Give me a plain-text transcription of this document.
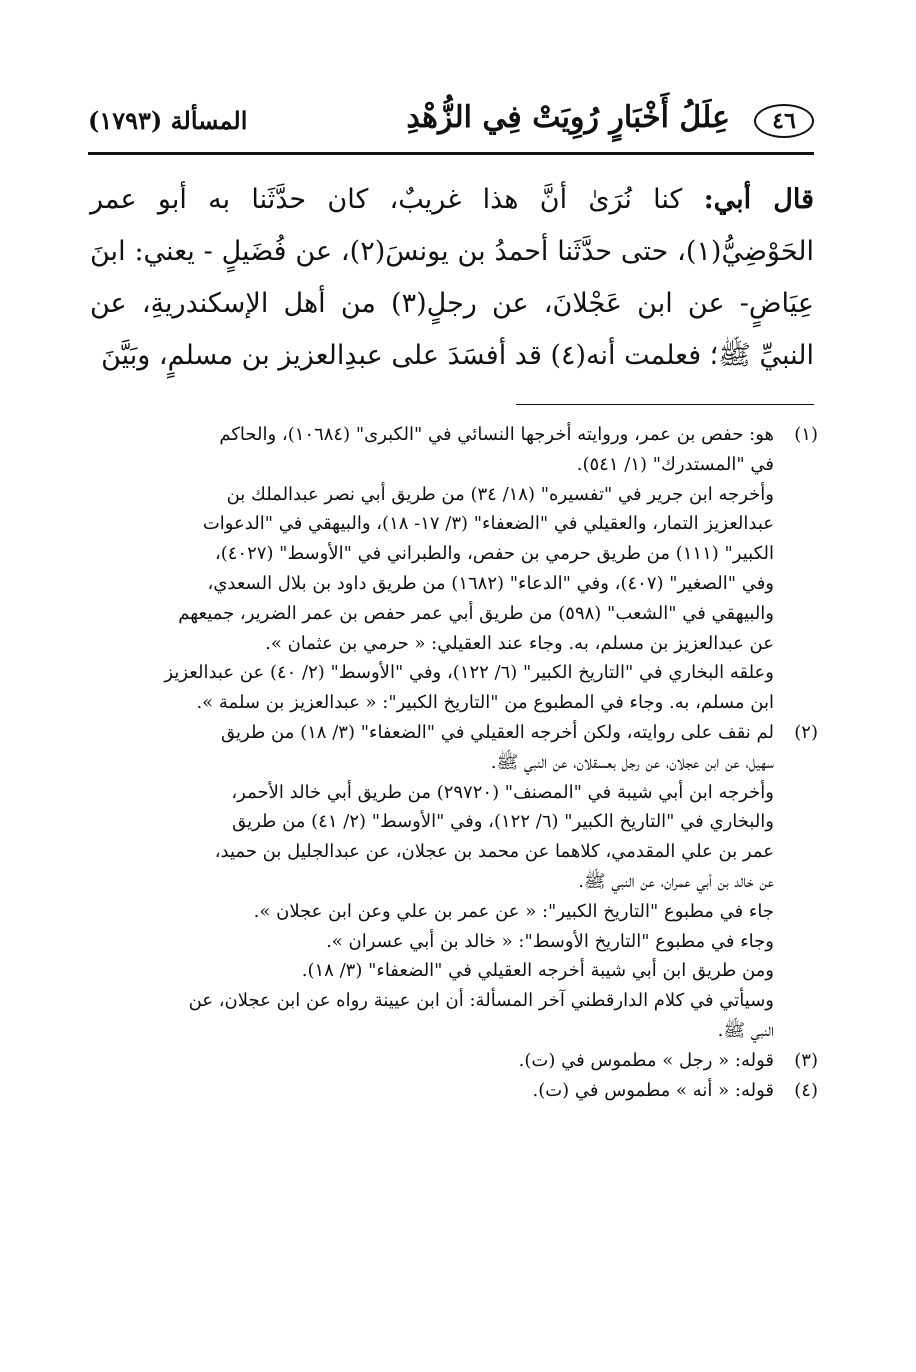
٤٦
عِلَلُ أَخْبَارٍ رُوِيَتْ فِي الزُّهْدِ
المسألة (١٧٩٣)

قال أبي: كنا نُرَىٰ أنَّ هذا غريبٌ، كان حدَّثَنا به أبو عمر الحَوْضِيُّ(١)، حتى حدَّثَنا أحمدُ بن يونسَ(٢)، عن فُضَيلٍ - يعني: ابنَ عِيَاضٍ- عن ابن عَجْلانَ، عن رجلٍ(٣) من أهل الإسكندريةِ، عن النبيِّ ﷺ؛ فعلمت أنه(٤) قد أفسَدَ على عبدِالعزيز بن مسلمٍ، وبَيَّنَ

(١)
هو: حفص بن عمر، وروايته أخرجها النسائي في "الكبرى" (١٠٦٨٤)، والحاكم
في "المستدرك" (١/ ٥٤١).
وأخرجه ابن جرير في "تفسيره" (١٨/ ٣٤) من طريق أبي نصر عبدالملك بن
عبدالعزيز التمار، والعقيلي في "الضعفاء" (٣/ ١٧- ١٨)، والبيهقي في "الدعوات
الكبير" (١١١) من طريق حرمي بن حفص، والطبراني في "الأوسط" (٤٠٢٧)،
وفي "الصغير" (٤٠٧)، وفي "الدعاء" (١٦٨٢) من طريق داود بن بلال السعدي،
والبيهقي في "الشعب" (٥٩٨) من طريق أبي عمر حفص بن عمر الضرير، جميعهم
عن عبدالعزيز بن مسلم، به. وجاء عند العقيلي: « حرمي بن عثمان ».
وعلقه البخاري في "التاريخ الكبير" (٦/ ١٢٢)، وفي "الأوسط" (٢/ ٤٠) عن عبدالعزيز
ابن مسلم، به. وجاء في المطبوع من "التاريخ الكبير": « عبدالعزيز بن سلمة ».
(٢)
لم نقف على روايته، ولكن أخرجه العقيلي في "الضعفاء" (٣/ ١٨) من طريق
سهيل، عن ابن عجلان، عن رجل بعسقلان، عن النبي ﷺ.
وأخرجه ابن أبي شيبة في "المصنف" (٢٩٧٢٠) من طريق أبي خالد الأحمر،
والبخاري في "التاريخ الكبير" (٦/ ١٢٢)، وفي "الأوسط" (٢/ ٤١) من طريق
عمر بن علي المقدمي، كلاهما عن محمد بن عجلان، عن عبدالجليل بن حميد،
عن خالد بن أبي عمران، عن النبي ﷺ.
جاء في مطبوع "التاريخ الكبير": « عن عمر بن علي وعن ابن عجلان ».
وجاء في مطبوع "التاريخ الأوسط": « خالد بن أبي عسران ».
ومن طريق ابن أبي شيبة أخرجه العقيلي في "الضعفاء" (٣/ ١٨).
وسيأتي في كلام الدارقطني آخر المسألة: أن ابن عيينة رواه عن ابن عجلان، عن
النبي ﷺ.
(٣)
قوله: « رجل » مطموس في (ت).
(٤)
قوله: « أنه » مطموس في (ت).
